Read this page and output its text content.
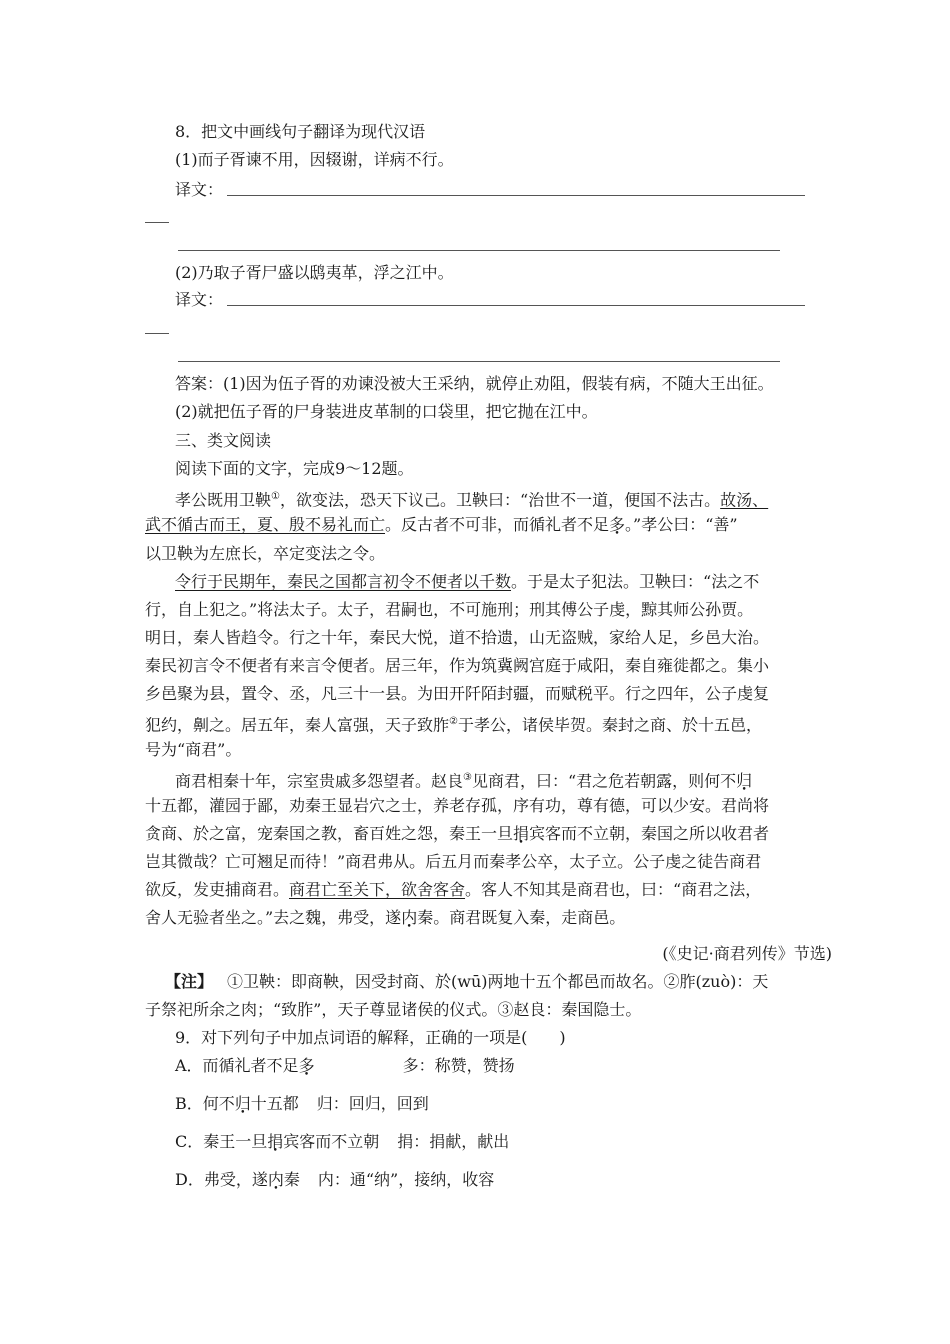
8．把文中画线句子翻译为现代汉语
(1)而子胥谏不用，因辍谢，详病不行。
译文：
(2)乃取子胥尸盛以鸱夷革，浮之江中。
译文：
答案：(1)因为伍子胥的劝谏没被大王采纳，就停止劝阻，假装有病，不随大王出征。
(2)就把伍子胥的尸身装进皮革制的口袋里，把它抛在江中。
三、类文阅读
阅读下面的文字，完成9～12题。
孝公既用卫鞅①，欲变法，恐天下议己。卫鞅曰：“治世不一道，便国不法古。故汤、
武不循古而王，夏、殷不易礼而亡。反古者不可非，而循礼者不足多。”孝公曰：“善”
以卫鞅为左庶长，卒定变法之令。
令行于民期年，秦民之国都言初令不便者以千数。于是太子犯法。卫鞅曰：“法之不
行，自上犯之。”将法太子。太子，君嗣也，不可施刑；刑其傅公子虔，黥其师公孙贾。
明日，秦人皆趋令。行之十年，秦民大悦，道不拾遗，山无盗贼，家给人足，乡邑大治。
秦民初言令不便者有来言令便者。居三年，作为筑冀阙宫庭于咸阳，秦自雍徙都之。集小
乡邑聚为县，置令、丞，凡三十一县。为田开阡陌封疆，而赋税平。行之四年，公子虔复
犯约，劓之。居五年，秦人富强，天子致胙②于孝公，诸侯毕贺。秦封之商、於十五邑，
号为“商君”。
商君相秦十年，宗室贵戚多怨望者。赵良③见商君，曰：“君之危若朝露，则何不归
十五都，灌园于鄙，劝秦王显岩穴之士，养老存孤，序有功，尊有德，可以少安。君尚将
贪商、於之富，宠秦国之教，畜百姓之怨，秦王一旦捐宾客而不立朝，秦国之所以收君者
岂其微哉？亡可翘足而待！”商君弗从。后五月而秦孝公卒，太子立。公子虔之徒告商君
欲反，发吏捕商君。商君亡至关下，欲舍客舍。客人不知其是商君也，曰：“商君之法，
舍人无验者坐之。”去之魏，弗受，遂内秦。商君既复入秦，走商邑。
(《史记·商君列传》节选)
【注】 ①卫鞅：即商鞅，因受封商、於(wū)两地十五个都邑而故名。②胙(zuò)：天
子祭祀所余之肉；“致胙”，天子尊显诸侯的仪式。③赵良：秦国隐士。
9．对下列句子中加点词语的解释，正确的一项是(　　)
A．而循礼者不足多	多：称赞，赞扬
B．何不归十五都 归：回归，回到
C．秦王一旦捐宾客而不立朝 捐：捐献，献出
D．弗受，遂内秦 内：通“纳”，接纳，收容
